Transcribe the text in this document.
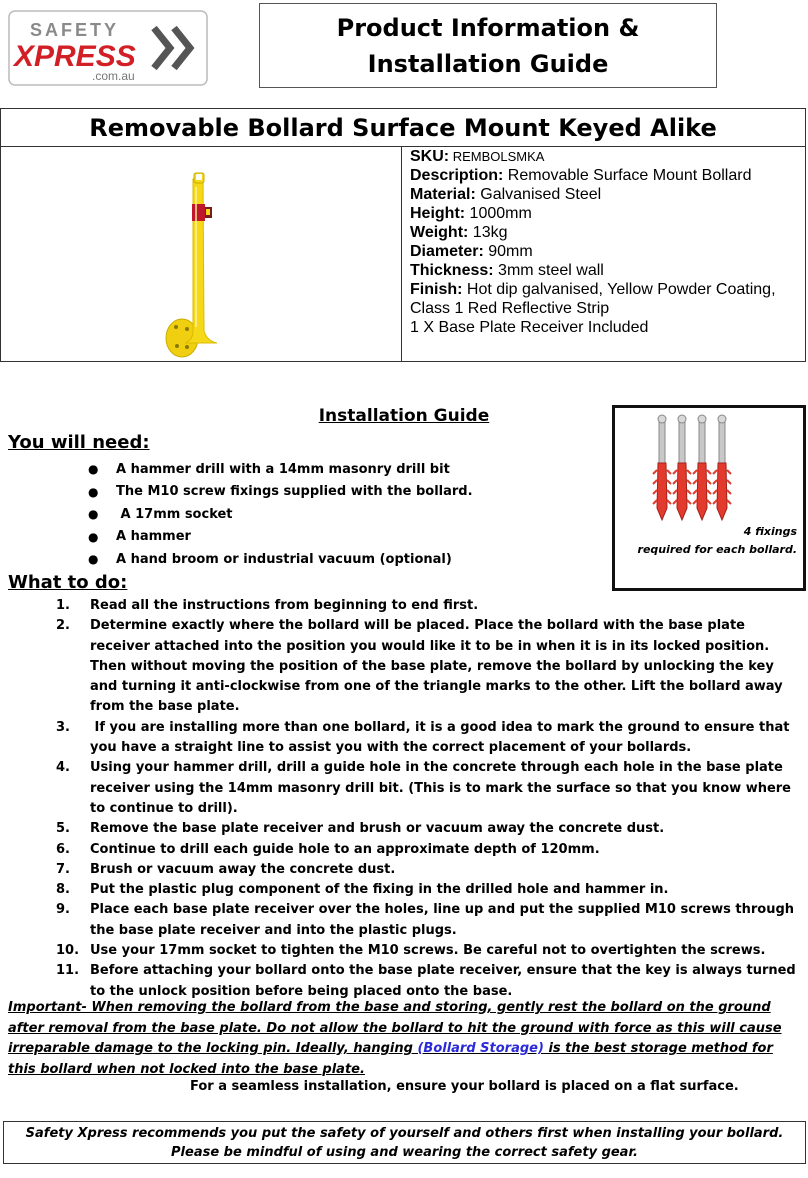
SAFETY
XPRESS
.com.au
Product Information &
Installation Guide
Removable Bollard Surface Mount Keyed Alike
SKU: REMBOLSMKA
Description: Removable Surface Mount Bollard
Material: Galvanised Steel
Height: 1000mm
Weight: 13kg
Diameter: 90mm
Thickness: 3mm steel wall
Finish: Hot dip galvanised, Yellow Powder Coating,
Class 1 Red Reflective Strip
1 X Base Plate Receiver Included
Installation Guide
You will need:
●	A hammer drill with a 14mm masonry drill bit
●	The M10 screw fixings supplied with the bollard.
●	A 17mm socket
●	A hammer
●	A hand broom or industrial vacuum (optional)
4 fixings
required for each bollard.
What to do:
1.	Read all the instructions from beginning to end first.
2.	Determine exactly where the bollard will be placed. Place the bollard with the base plate receiver attached into the position you would like it to be in when it is in its locked position. Then without moving the position of the base plate, remove the bollard by unlocking the key and turning it anti-clockwise from one of the triangle marks to the other. Lift the bollard away from the base plate.
3.	If you are installing more than one bollard, it is a good idea to mark the ground to ensure that you have a straight line to assist you with the correct placement of your bollards.
4.	Using your hammer drill, drill a guide hole in the concrete through each hole in the base plate receiver using the 14mm masonry drill bit. (This is to mark the surface so that you know where to continue to drill).
5.	Remove the base plate receiver and brush or vacuum away the concrete dust.
6.	Continue to drill each guide hole to an approximate depth of 120mm.
7.	Brush or vacuum away the concrete dust.
8.	Put the plastic plug component of the fixing in the drilled hole and hammer in.
9.	Place each base plate receiver over the holes, line up and put the supplied M10 screws through the base plate receiver and into the plastic plugs.
10. Use your 17mm socket to tighten the M10 screws. Be careful not to overtighten the screws.
11. Before attaching your bollard onto the base plate receiver, ensure that the key is always turned to the unlock position before being placed onto the base.
Important- When removing the bollard from the base and storing, gently rest the bollard on the ground after removal from the base plate. Do not allow the bollard to hit the ground with force as this will cause irreparable damage to the locking pin. Ideally, hanging (Bollard Storage) is the best storage method for this bollard when not locked into the base plate.
For a seamless installation, ensure your bollard is placed on a flat surface.
Safety Xpress recommends you put the safety of yourself and others first when installing your bollard.
Please be mindful of using and wearing the correct safety gear.
